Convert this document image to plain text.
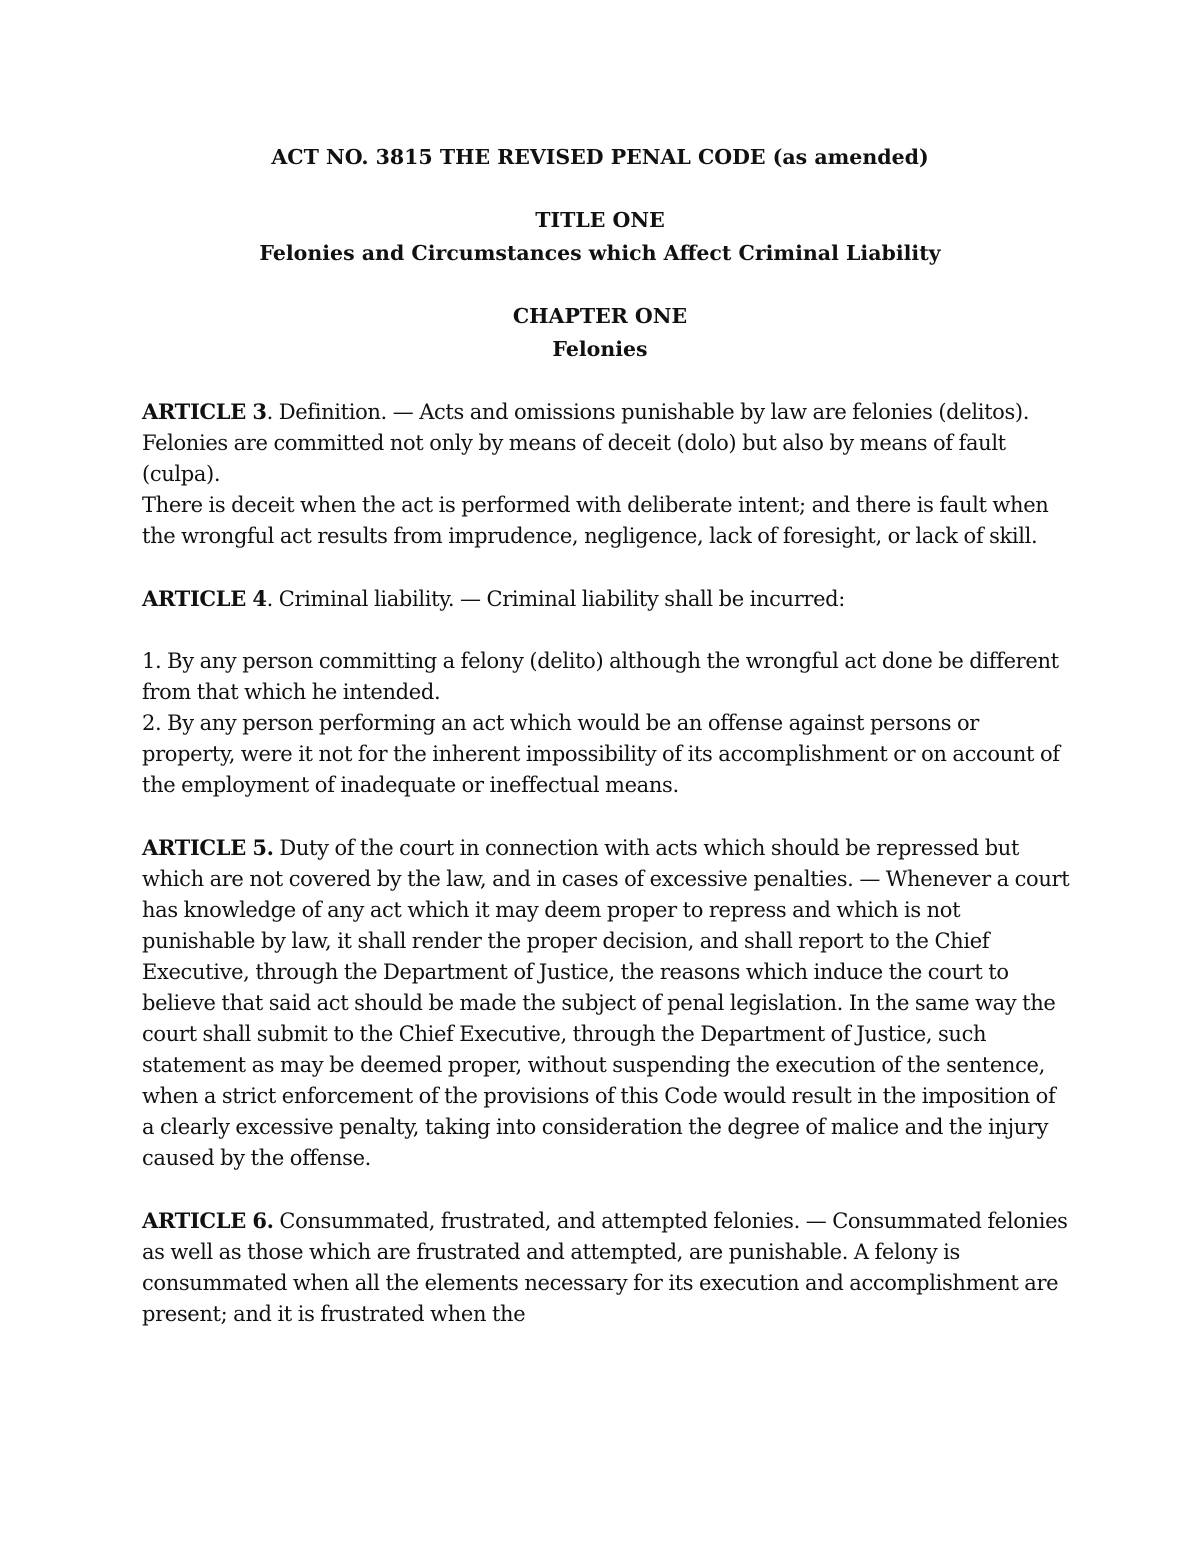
ACT NO. 3815 THE REVISED PENAL CODE (as amended)
TITLE ONE
Felonies and Circumstances which Affect Criminal Liability
CHAPTER ONE
Felonies

ARTICLE 3. Definition. — Acts and omissions punishable by law are felonies (delitos). Felonies are committed not only by means of deceit (dolo) but also by means of fault (culpa).

There is deceit when the act is performed with deliberate intent; and there is fault when the wrongful act results from imprudence, negligence, lack of foresight, or lack of skill.

ARTICLE 4. Criminal liability. — Criminal liability shall be incurred:

1. By any person committing a felony (delito) although the wrongful act done be different from that which he intended.

2. By any person performing an act which would be an offense against persons or property, were it not for the inherent impossibility of its accomplishment or on account of the employment of inadequate or ineffectual means.

ARTICLE 5. Duty of the court in connection with acts which should be repressed but which are not covered by the law, and in cases of excessive penalties. — Whenever a court has knowledge of any act which it may deem proper to repress and which is not punishable by law, it shall render the proper decision, and shall report to the Chief Executive, through the Department of Justice, the reasons which induce the court to believe that said act should be made the subject of penal legislation. In the same way the court shall submit to the Chief Executive, through the Department of Justice, such statement as may be deemed proper, without suspending the execution of the sentence, when a strict enforcement of the provisions of this Code would result in the imposition of a clearly excessive penalty, taking into consideration the degree of malice and the injury caused by the offense.

ARTICLE 6. Consummated, frustrated, and attempted felonies. — Consummated felonies as well as those which are frustrated and attempted, are punishable. A felony is consummated when all the elements necessary for its execution and accomplishment are present; and it is frustrated when the
